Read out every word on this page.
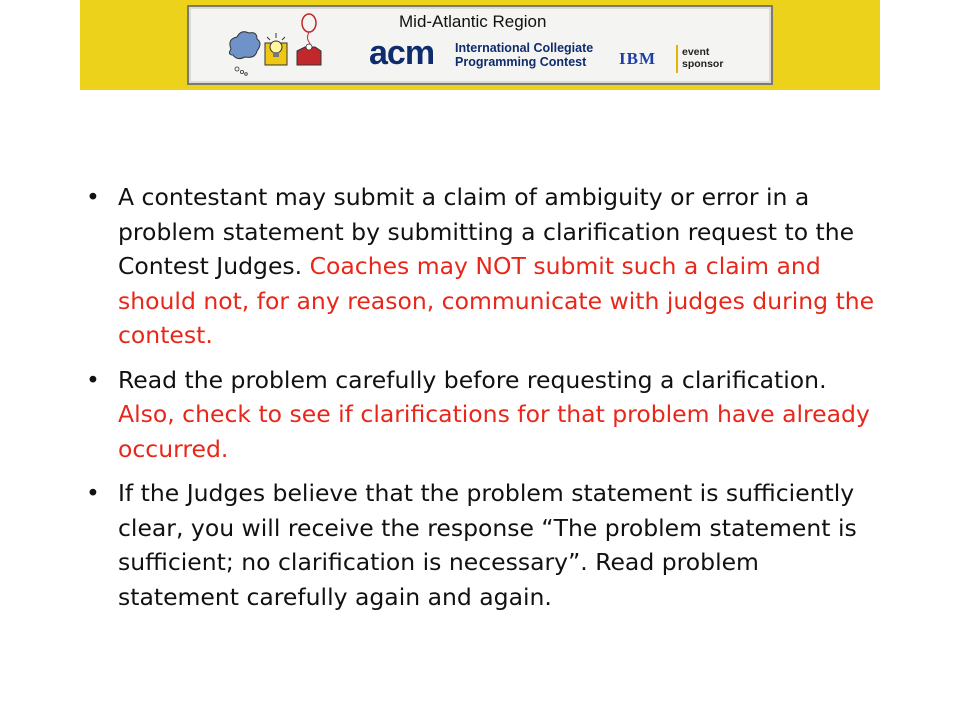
Mid-Atlantic Region
acm International Collegiate
Programming Contest	IBM event
sponsor
• A contestant may submit a claim of ambiguity or error in a problem statement by submitting a clarification request to the Contest Judges. Coaches may NOT submit such a claim and should not, for any reason, communicate with judges during the contest.
• Read the problem carefully before requesting a clarification. Also, check to see if clarifications for that problem have already occurred.
• If the Judges believe that the problem statement is sufficiently clear, you will receive the response “The problem statement is sufficient; no clarification is necessary”. Read problem statement carefully again and again.
